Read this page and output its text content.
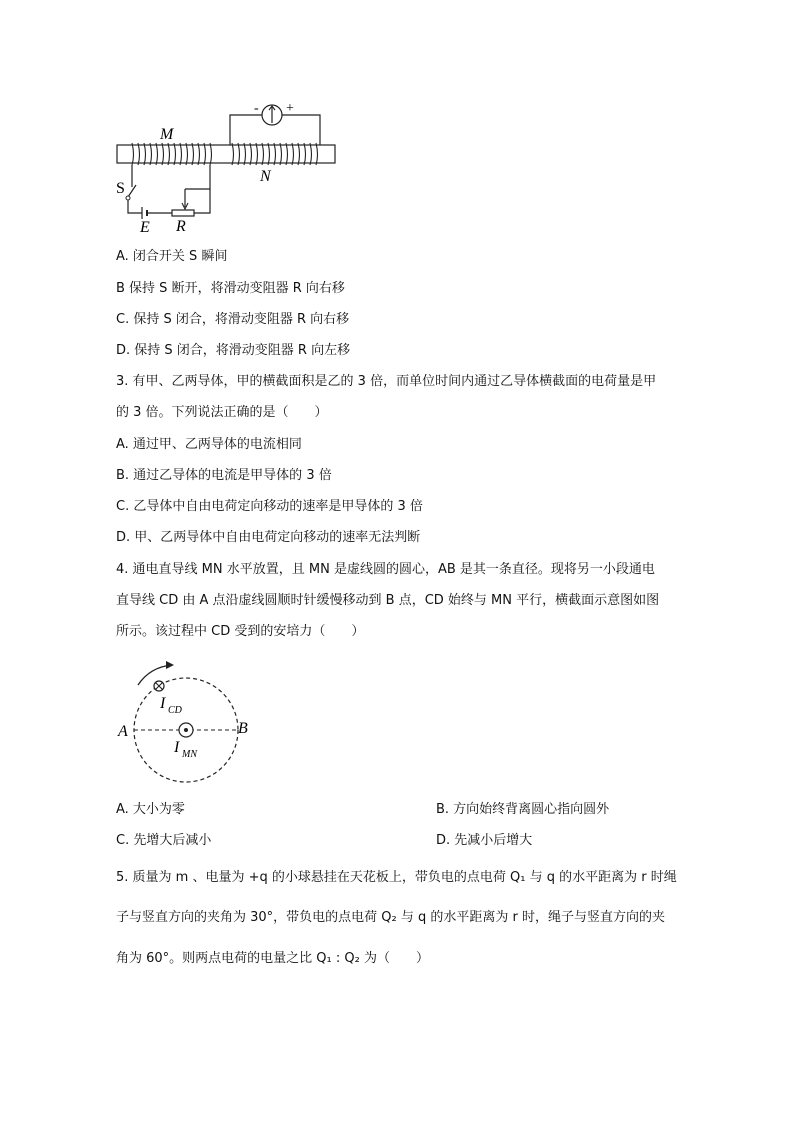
- +
M
N
S
E R
A. 闭合开关 S 瞬间
B 保持 S 断开，将滑动变阻器 R 向右移
C. 保持 S 闭合，将滑动变阻器 R 向右移
D. 保持 S 闭合，将滑动变阻器 R 向左移
3. 有甲、乙两导体，甲的横截面积是乙的 3 倍，而单位时间内通过乙导体横截面的电荷量是甲
的 3 倍。下列说法正确的是（　　）
A. 通过甲、乙两导体的电流相同
B. 通过乙导体的电流是甲导体的 3 倍
C. 乙导体中自由电荷定向移动的速率是甲导体的 3 倍
D. 甲、乙两导体中自由电荷定向移动的速率无法判断
4. 通电直导线 MN 水平放置，且 MN 是虚线圆的圆心，AB 是其一条直径。现将另一小段通电
直导线 CD 由 A 点沿虚线圆顺时针缓慢移动到 B 点，CD 始终与 MN 平行，横截面示意图如图
所示。该过程中 CD 受到的安培力（　　）
A	B
I CD
I MN
A. 大小为零	B. 方向始终背离圆心指向圆外
C. 先增大后减小	D. 先减小后增大
5. 质量为 m 、电量为 +q 的小球悬挂在天花板上，带负电的点电荷 Q₁ 与 q 的水平距离为 r 时绳
子与竖直方向的夹角为 30°，带负电的点电荷 Q₂ 与 q 的水平距离为 r 时，绳子与竖直方向的夹
角为 60°。则两点电荷的电量之比 Q₁ : Q₂ 为（　　）
